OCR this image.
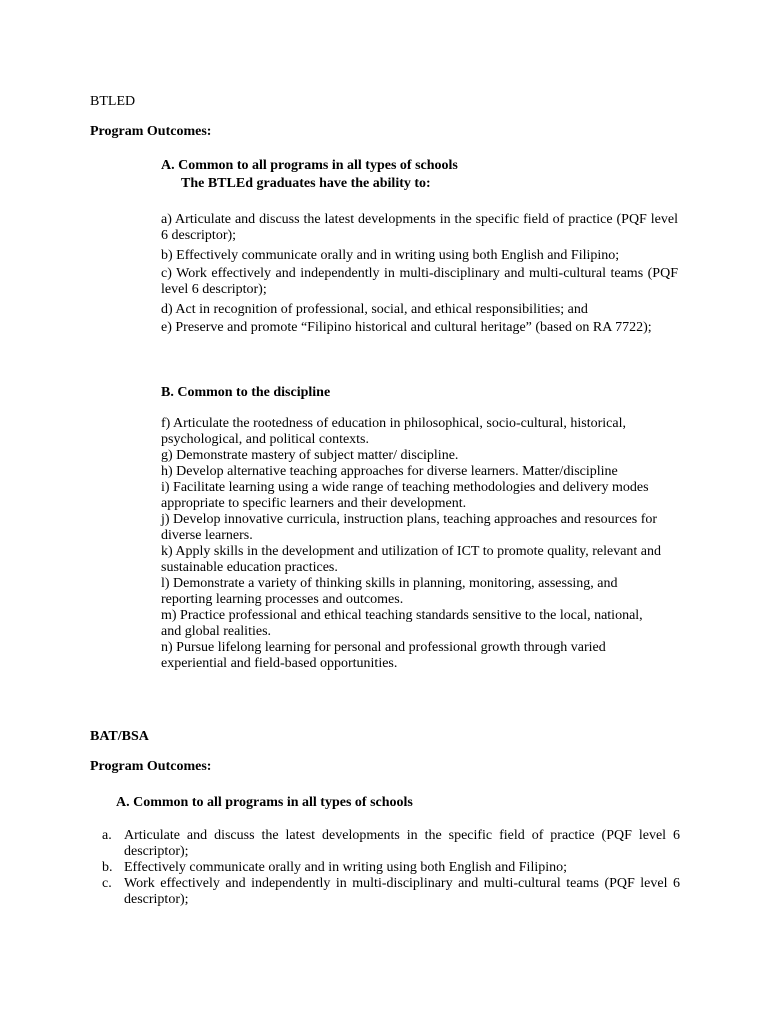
BTLED
Program Outcomes:
A. Common to all programs in all types of schools
The BTLEd graduates have the ability to:

a) Articulate and discuss the latest developments in the specific field of practice (PQF level 6 descriptor);

b) Effectively communicate orally and in writing using both English and Filipino;

c) Work effectively and independently in multi-disciplinary and multi-cultural teams (PQF level 6 descriptor);

d) Act in recognition of professional, social, and ethical responsibilities; and

e) Preserve and promote “Filipino historical and cultural heritage” (based on RA 7722);

B. Common to the discipline

f) Articulate the rootedness of education in philosophical, socio-cultural, historical, psychological, and political contexts.

g) Demonstrate mastery of subject matter/ discipline.

h) Develop alternative teaching approaches for diverse learners. Matter/discipline

i) Facilitate learning using a wide range of teaching methodologies and delivery modes appropriate to specific learners and their development.

j) Develop innovative curricula, instruction plans, teaching approaches and resources for diverse learners.

k) Apply skills in the development and utilization of ICT to promote quality, relevant and sustainable education practices.

l) Demonstrate a variety of thinking skills in planning, monitoring, assessing, and reporting learning processes and outcomes.

m) Practice professional and ethical teaching standards sensitive to the local, national, and global realities.

n) Pursue lifelong learning for personal and professional growth through varied experiential and field-based opportunities.

BAT/BSA
Program Outcomes:
A. Common to all programs in all types of schools
a. Articulate and discuss the latest developments in the specific field of practice (PQF level 6 descriptor);
b. Effectively communicate orally and in writing using both English and Filipino;
c. Work effectively and independently in multi-disciplinary and multi-cultural teams (PQF level 6 descriptor);
